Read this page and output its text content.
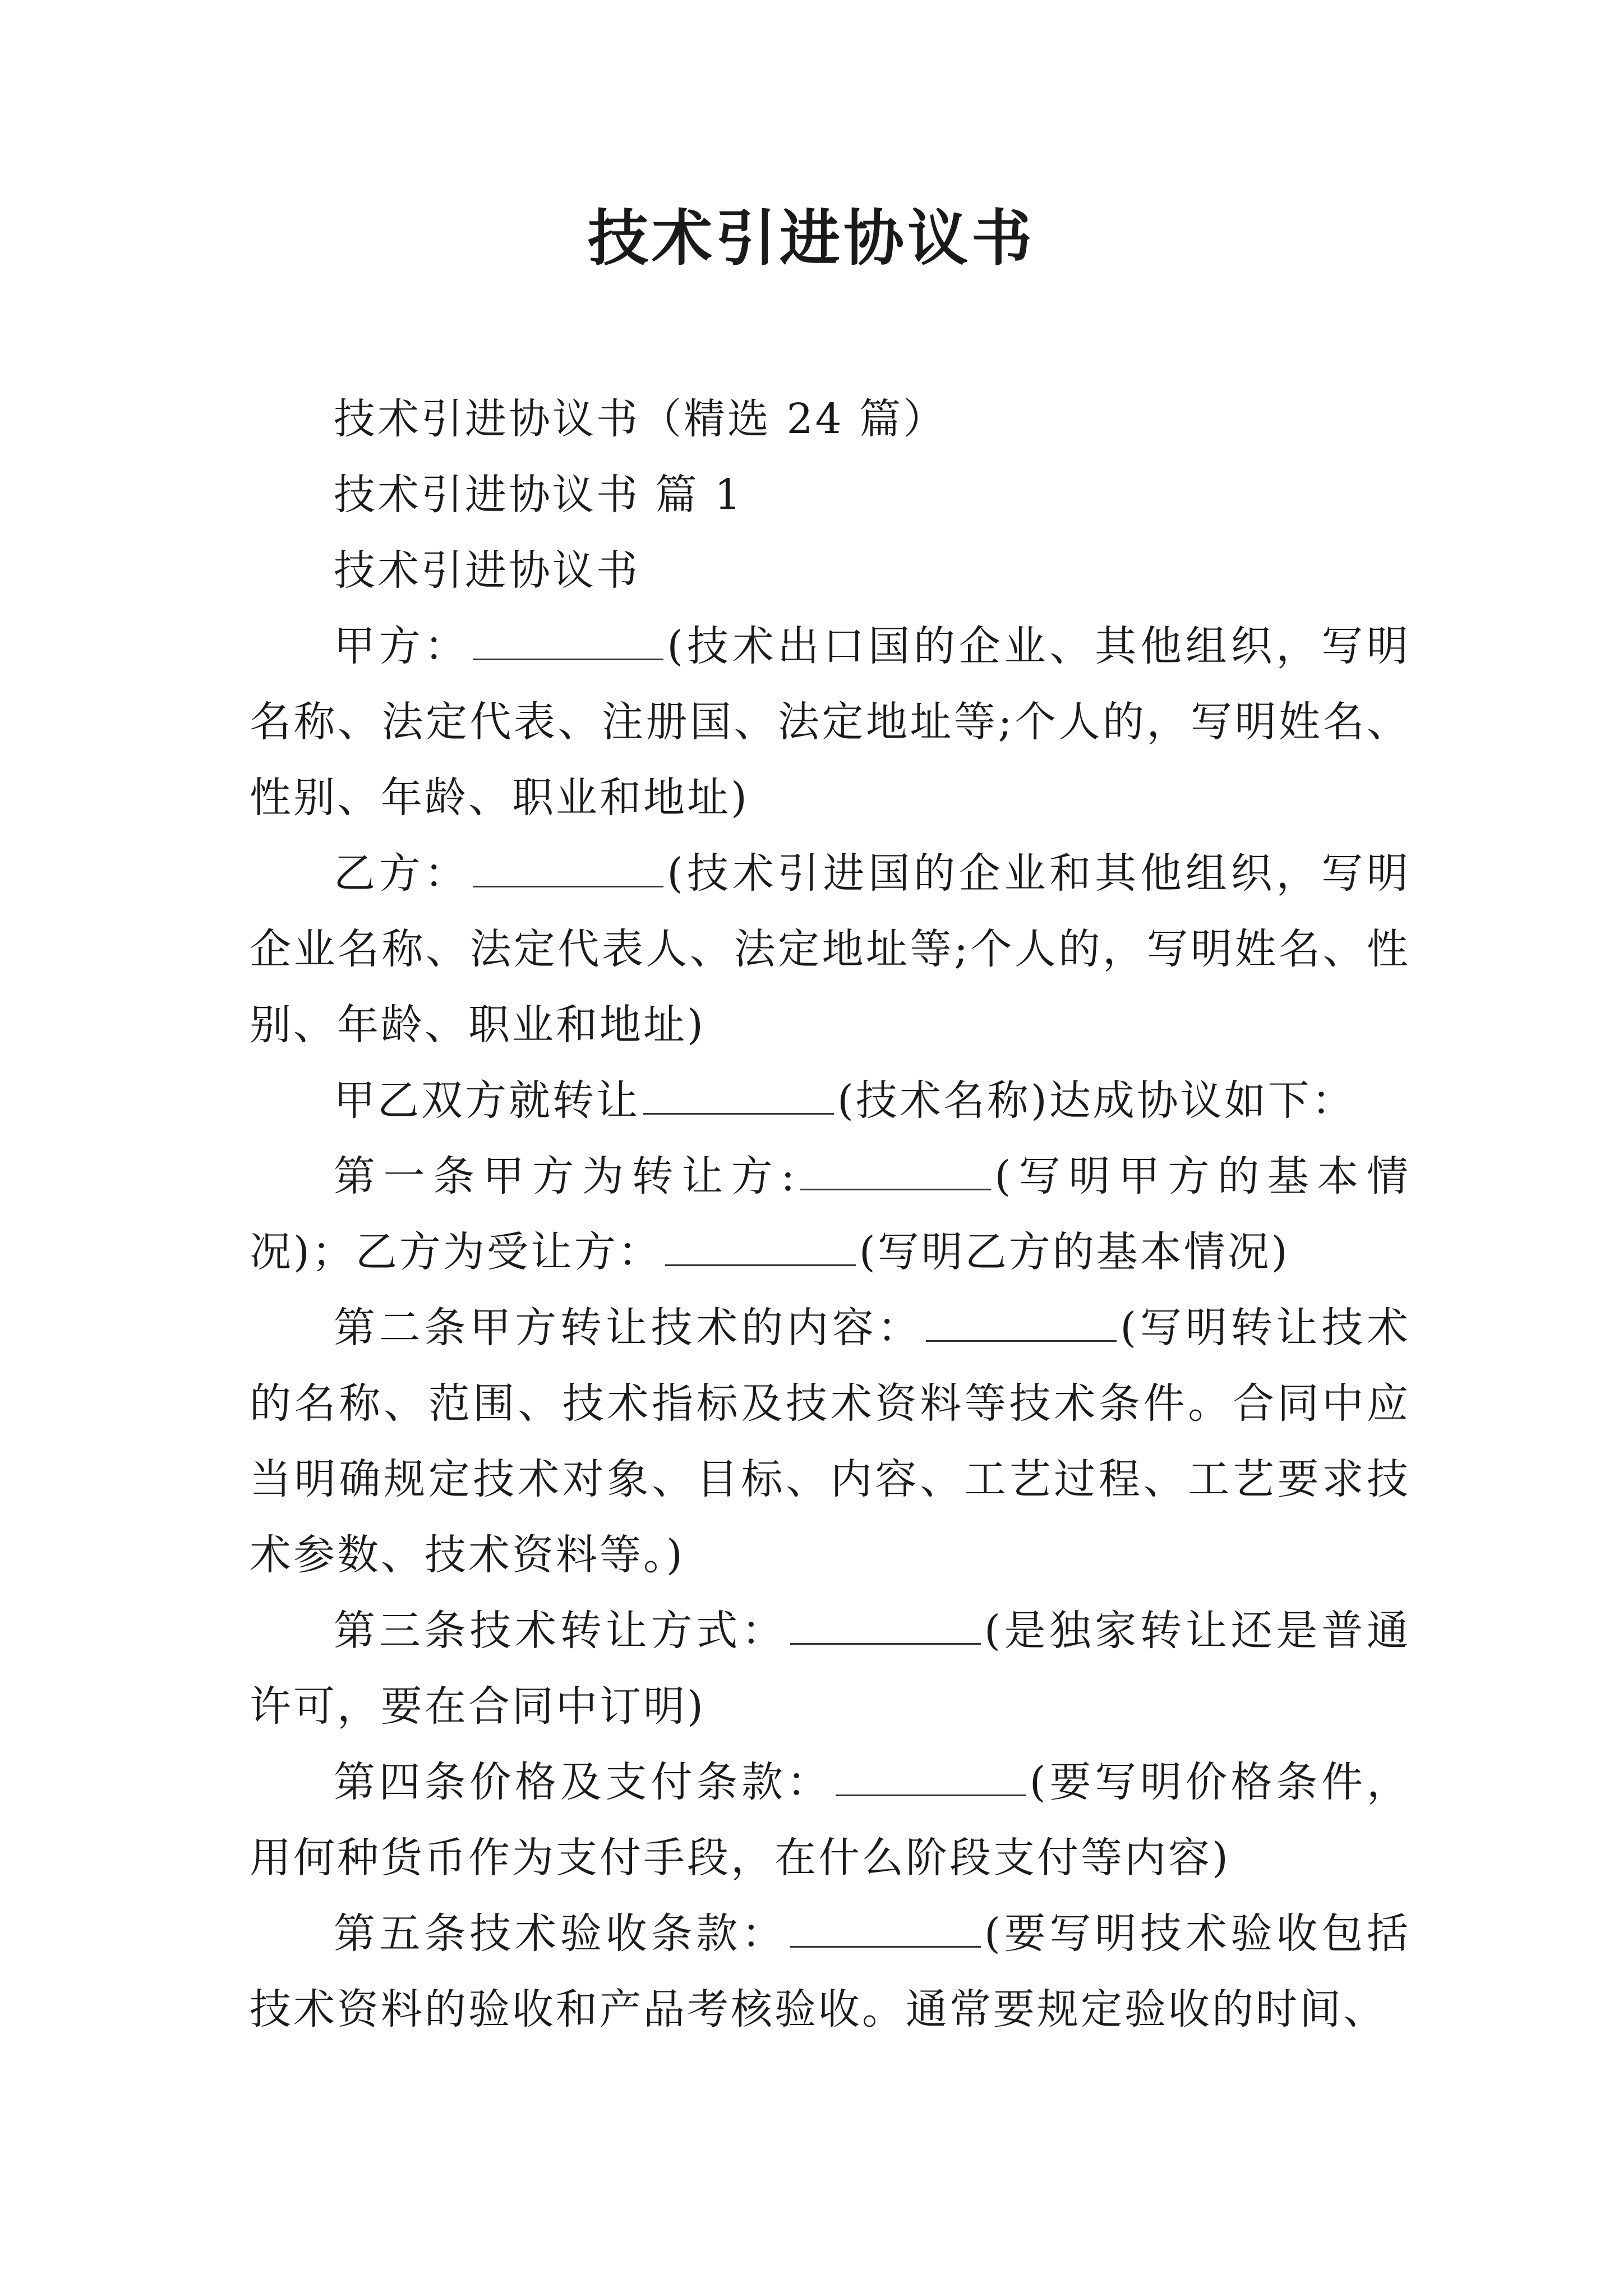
技术引进协议书

技术引进协议书（精选 24 篇）

技术引进协议书 篇 1

技术引进协议书

甲方：	(技术出口国的企业、其他组织，写明名称、法定代表、注册国、法定地址等;个人的，写明姓名、性别、年龄、职业和地址)

乙方：	(技术引进国的企业和其他组织，写明企业名称、法定代表人、法定地址等;个人的，写明姓名、性别、年龄、职业和地址)

甲乙双方就转让	(技术名称)达成协议如下：

第一条甲方为转让方:	(写明甲方的基本情况)；乙方为受让方：	(写明乙方的基本情况)

第二条甲方转让技术的内容：	(写明转让技术的名称、范围、技术指标及技术资料等技术条件。合同中应当明确规定技术对象、目标、内容、工艺过程、工艺要求技术参数、技术资料等。)

第三条技术转让方式：	(是独家转让还是普通许可，要在合同中订明)

第四条价格及支付条款：	(要写明价格条件，用何种货币作为支付手段，在什么阶段支付等内容)

第五条技术验收条款：	(要写明技术验收包括技术资料的验收和产品考核验收。通常要规定验收的时间、
